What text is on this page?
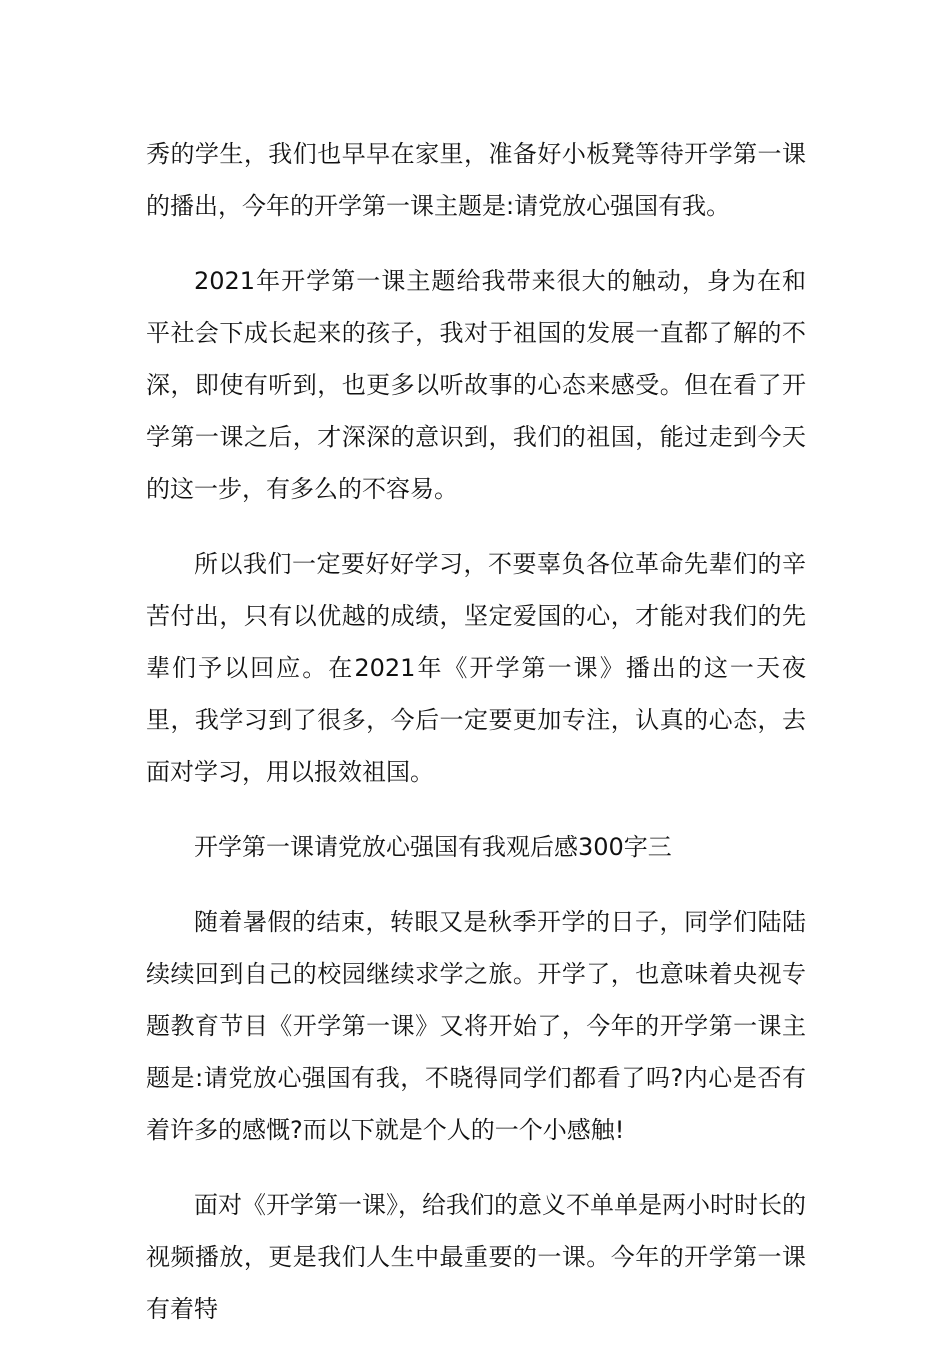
秀的学生，我们也早早在家里，准备好小板凳等待开学第一课的播出，今年的开学第一课主题是:请党放心强国有我。

2021年开学第一课主题给我带来很大的触动，身为在和平社会下成长起来的孩子，我对于祖国的发展一直都了解的不深，即使有听到，也更多以听故事的心态来感受。但在看了开学第一课之后，才深深的意识到，我们的祖国，能过走到今天的这一步，有多么的不容易。

所以我们一定要好好学习，不要辜负各位革命先辈们的辛苦付出，只有以优越的成绩，坚定爱国的心，才能对我们的先辈们予以回应。在2021年《开学第一课》播出的这一天夜里，我学习到了很多，今后一定要更加专注，认真的心态，去面对学习，用以报效祖国。

开学第一课请党放心强国有我观后感300字三

随着暑假的结束，转眼又是秋季开学的日子，同学们陆陆续续回到自己的校园继续求学之旅。开学了，也意味着央视专题教育节目《开学第一课》又将开始了，今年的开学第一课主题是:请党放心强国有我，不晓得同学们都看了吗?内心是否有着许多的感慨?而以下就是个人的一个小感触!

面对《开学第一课》，给我们的意义不单单是两小时时长的视频播放，更是我们人生中最重要的一课。今年的开学第一课有着特
